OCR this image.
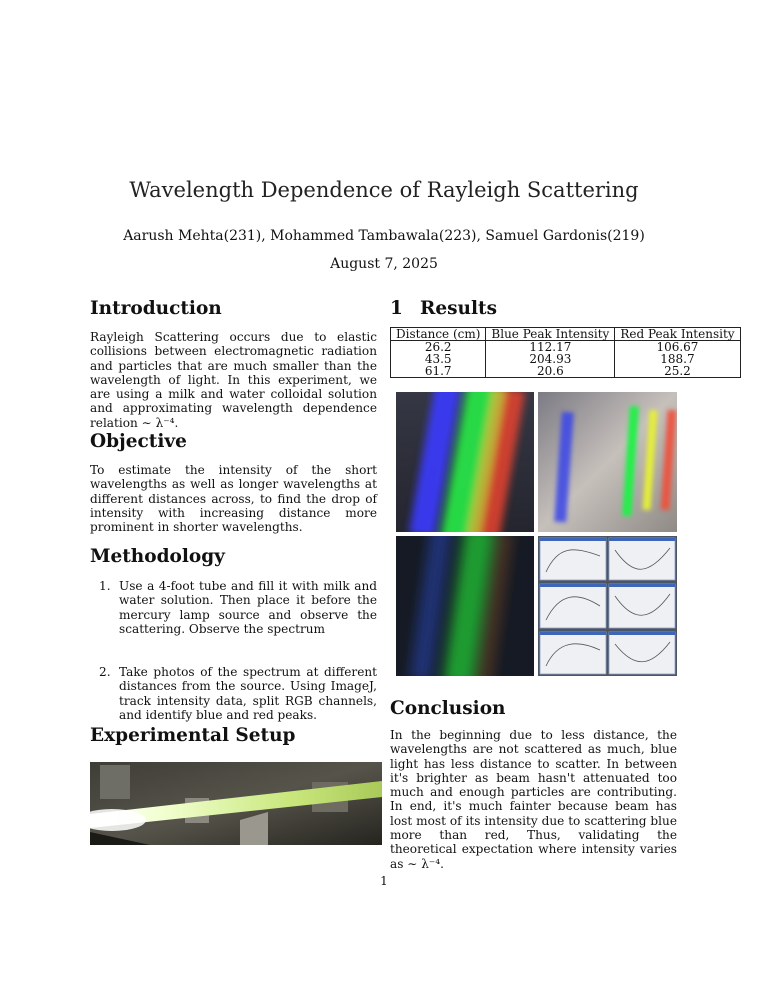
Wavelength Dependence of Rayleigh Scattering
Aarush Mehta(231), Mohammed Tambawala(223), Samuel Gardonis(219)
August 7, 2025
Introduction

Rayleigh Scattering occurs due to elastic collisions between electromagnetic radiation and particles that are much smaller than the wavelength of light. In this experiment, we are using a milk and water colloidal solution and approximating wavelength dependence relation ∼ λ⁻⁴.

Objective

To estimate the intensity of the short wavelengths as well as longer wavelengths at different distances across, to find the drop of intensity with increasing distance more prominent in shorter wavelengths.

Methodology
1. Use a 4-foot tube and fill it with milk and water solution. Then place it before the mercury lamp source and observe the scattering. Observe the spectrum
2. Take photos of the spectrum at different distances from the source. Using ImageJ, track intensity data, split RGB channels, and identify blue and red peaks.
Experimental Setup
1 Results
Distance (cm)	Blue Peak Intensity	Red Peak Intensity
26.2	112.17	106.67
43.5	204.93	188.7
61.7	20.6	25.2
Conclusion

In the beginning due to less distance, the wavelengths are not scattered as much, blue light has less distance to scatter. In between it's brighter as beam hasn't attenuated too much and enough particles are contributing. In end, it's much fainter because beam has lost most of its intensity due to scattering blue more than red, Thus, validating the theoretical expectation where intensity varies as ∼ λ⁻⁴.

1
